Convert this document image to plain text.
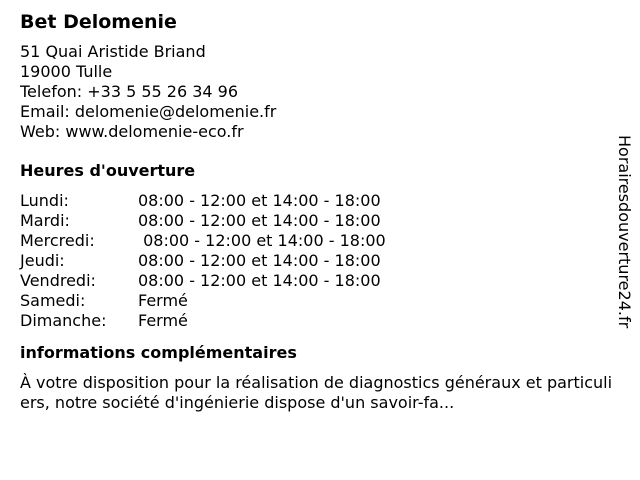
Bet Delomenie
51 Quai Aristide Briand
19000 Tulle
Telefon: +33 5 55 26 34 96
Email: delomenie@delomenie.fr
Web: www.delomenie-eco.fr
Heures d'ouverture
Lundi:	08:00 - 12:00 et 14:00 - 18:00
Mardi:	08:00 - 12:00 et 14:00 - 18:00
Mercredi:	08:00 - 12:00 et 14:00 - 18:00
Jeudi:	08:00 - 12:00 et 14:00 - 18:00
Vendredi:	08:00 - 12:00 et 14:00 - 18:00
Samedi:	Fermé
Dimanche:	Fermé
informations complémentaires
À votre disposition pour la réalisation de diagnostics généraux et particuliers, notre société d'ingénierie dispose d'un savoir-fa...
Horairesdouverture24.fr
